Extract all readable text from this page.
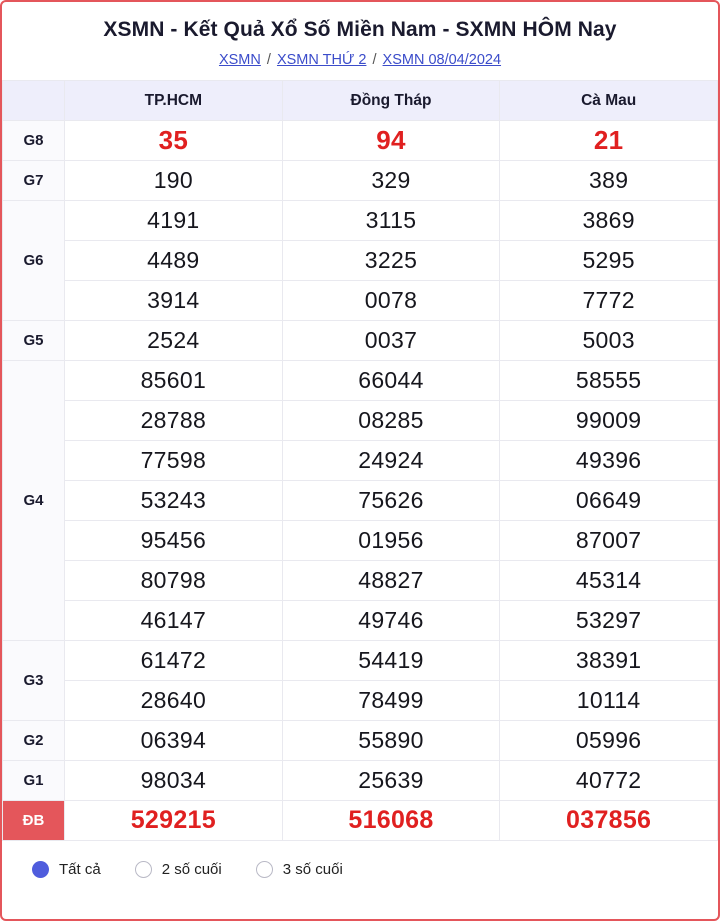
XSMN - Kết Quả Xổ Số Miền Nam - SXMN HÔM Nay
XSMN / XSMN THỨ 2 / XSMN 08/04/2024
	TP.HCM	Đồng Tháp	Cà Mau
G8	35	94	21
G7	190	329	389
G6	4191	3115	3869
	4489	3225	5295
	3914	0078	7772
G5	2524	0037	5003
G4	85601	66044	58555
	28788	08285	99009
	77598	24924	49396
	53243	75626	06649
	95456	01956	87007
	80798	48827	45314
	46147	49746	53297
G3	61472	54419	38391
	28640	78499	10114
G2	06394	55890	05996
G1	98034	25639	40772
ĐB	529215	516068	037856
Tất cả	2 số cuối	3 số cuối
